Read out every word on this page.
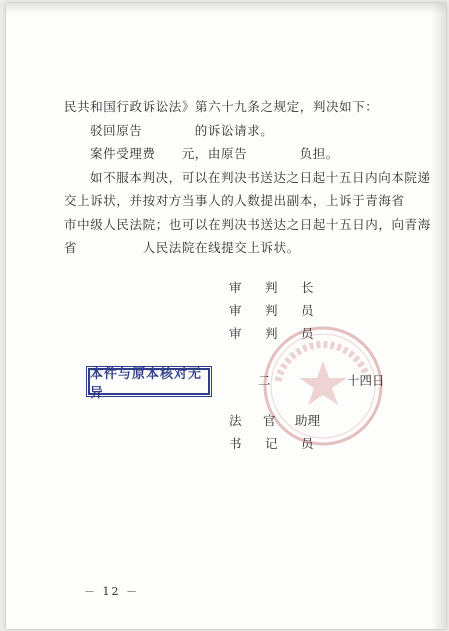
民共和国行政诉讼法》第六十九条之规定，判决如下：
驳回原告　　　　的诉讼请求。
案件受理费　　元，由原告　　　　负担。
如不服本判决，可以在判决书送达之日起十五日内向本院递
交上诉状，并按对方当事人的人数提出副本，上诉于青海省
市中级人民法院；也可以在判决书送达之日起十五日内，向青海
省　　　　　人民法院在线提交上诉状。
审 判 长
审 判 员
审 判 员
二	十四日
本件与原本核对无异
法 官 助理
书 记 员
－ 12 －
